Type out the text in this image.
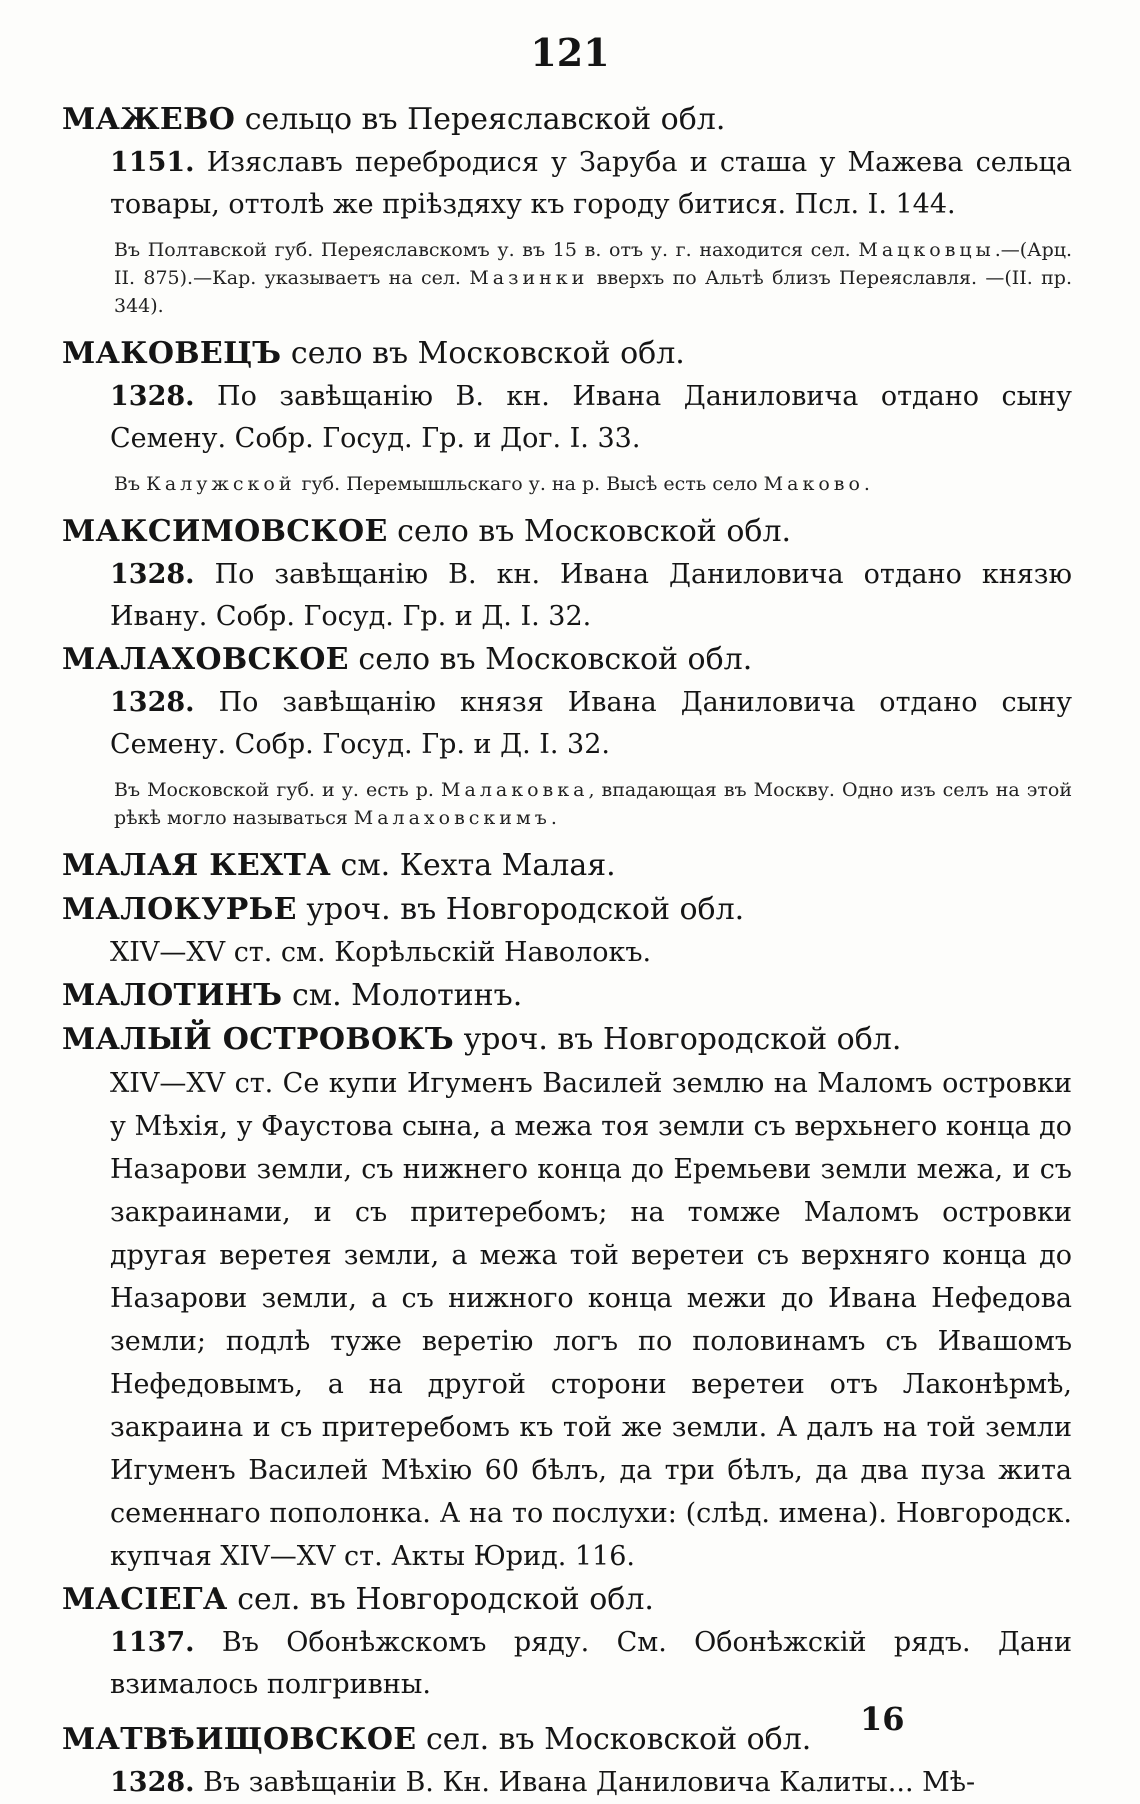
121

МАЖЕВО сельцо въ Переяславской обл.

1151. Изяславъ перебродися у Заруба и сташа у Мажева сельца товары, оттолѣ же пріѣздяху къ городу битися. Псл. I. 144.

Въ Полтавской губ. Переяславскомъ у. въ 15 в. отъ у. г. находится сел. Мацковцы.—(Арц. II. 875).—Кар. указываетъ на сел. Мазинки вверхъ по Альтѣ близъ Переяславля. —(II. пр. 344).

МАКОВЕЦЪ село въ Московской обл.

1328. По завѣщанію В. кн. Ивана Даниловича отдано сыну Семену. Собр. Госуд. Гр. и Дог. I. 33.

Въ Калужской губ. Перемышльскаго у. на р. Высѣ есть село Маково.

МАКСИМОВСКОЕ село въ Московской обл.

1328. По завѣщанію В. кн. Ивана Даниловича отдано князю Ивану. Собр. Госуд. Гр. и Д. I. 32.

МАЛАХОВСКОЕ село въ Московской обл.

1328. По завѣщанію князя Ивана Даниловича отдано сыну Семену. Собр. Госуд. Гр. и Д. I. 32.

Въ Московской губ. и у. есть р. Малаковка, впадающая въ Москву. Одно изъ селъ на этой рѣкѣ могло называться Малаховскимъ.

МАЛАЯ КЕХТА см. Кехта Малая.

МАЛОКУРЬЕ уроч. въ Новгородской обл.

XIV—XV ст. см. Корѣльскій Наволокъ.

МАЛОТИНЪ см. Молотинъ.

МАЛЫЙ ОСТРОВОКЪ уроч. въ Новгородской обл.

XIV—XV ст. Се купи Игуменъ Василей землю на Маломъ островки у Мѣхія, у Фаустова сына, а межа тоя земли съ верхьнего конца до Назарови земли, съ нижнего конца до Еремьеви земли межа, и съ закраинами, и съ притеребомъ; на томже Маломъ островки другая веретея земли, а межа той веретеи съ верхняго конца до Назарови земли, а съ нижного конца межи до Ивана Нефедова земли; подлѣ туже веретію логъ по половинамъ съ Ивашомъ Нефедовымъ, а на другой сторони веретеи отъ Лаконѣрмѣ, закраина и съ притеребомъ къ той же земли. А далъ на той земли Игуменъ Василей Мѣхію 60 бѣлъ, да три бѣлъ, да два пуза жита семеннаго пополонка. А на то послухи: (слѣд. имена). Новгородск. купчая XIV—XV ст. Акты Юрид. 116.

МАСIЕГА сел. въ Новгородской обл.

1137. Въ Обонѣжскомъ ряду. См. Обонѣжскій рядъ. Дани взималось полгривны.

МАТВѢИЩОВСКОЕ сел. въ Московской обл.

1328. Въ завѣщаніи В. Кн. Ивана Даниловича Калиты... Мѣ-

16
